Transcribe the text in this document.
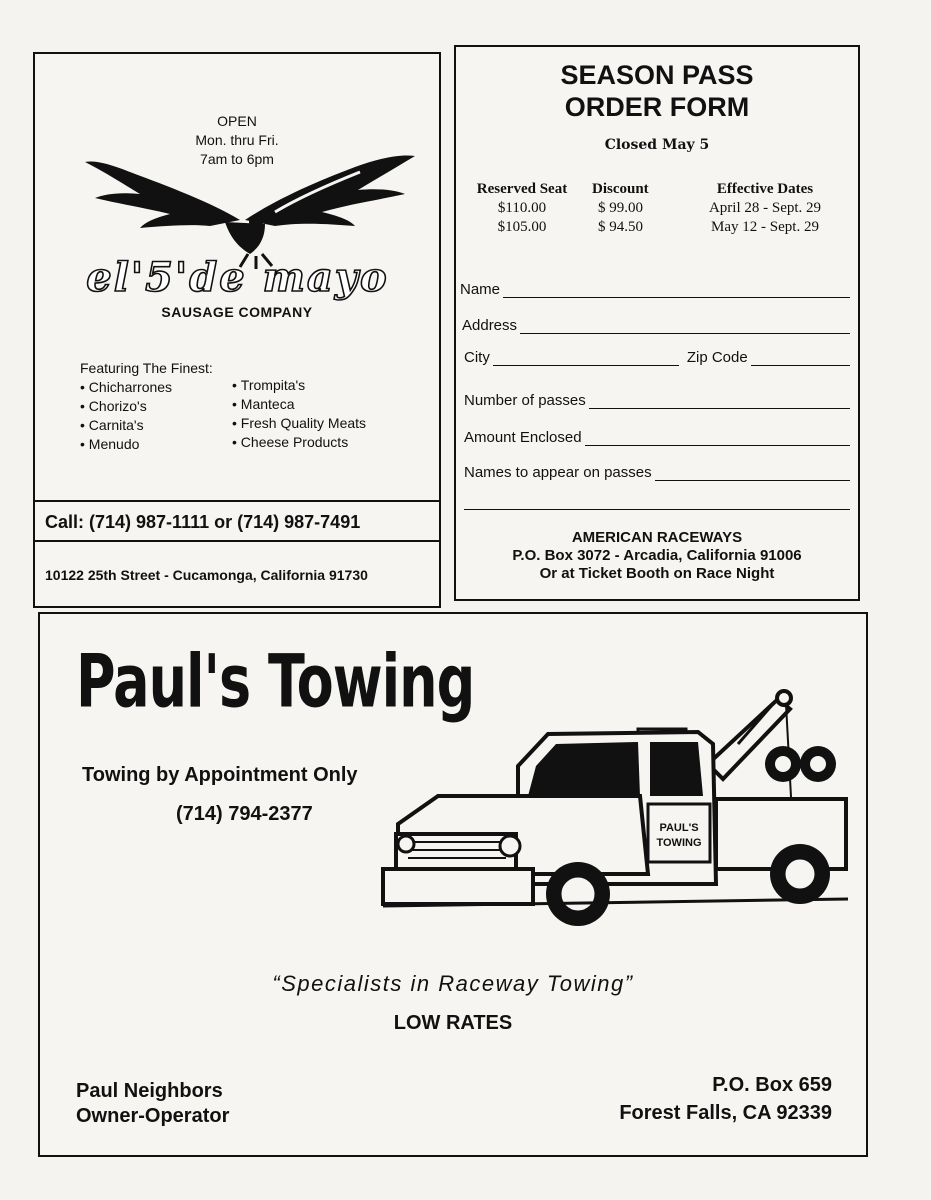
OPEN
Mon. thru Fri.
7am to 6pm
el'5'de mayo
SAUSAGE COMPANY
Featuring The Finest:
• Chicharrones
• Chorizo's
• Carnita's
• Menudo
• Trompita's
• Manteca
• Fresh Quality Meats
• Cheese Products
Call: (714) 987-1111 or (714) 987-7491
10122 25th Street - Cucamonga, California 91730
SEASON PASS
ORDER FORM
Closed May 5
Reserved Seat
$110.00
$105.00
Discount
$ 99.00
$ 94.50
Effective Dates
April 28 - Sept. 29
May 12 - Sept. 29
Name
Address
City	Zip Code
Number of passes
Amount Enclosed
Names to appear on passes
AMERICAN RACEWAYS
P.O. Box 3072 - Arcadia, California 91006
Or at Ticket Booth on Race Night
Paul's Towing
Towing by Appointment Only
(714) 794-2377
PAUL'S
TOWING
“Specialists in Raceway Towing”
LOW RATES
Paul Neighbors
Owner-Operator
P.O. Box 659
Forest Falls, CA 92339
